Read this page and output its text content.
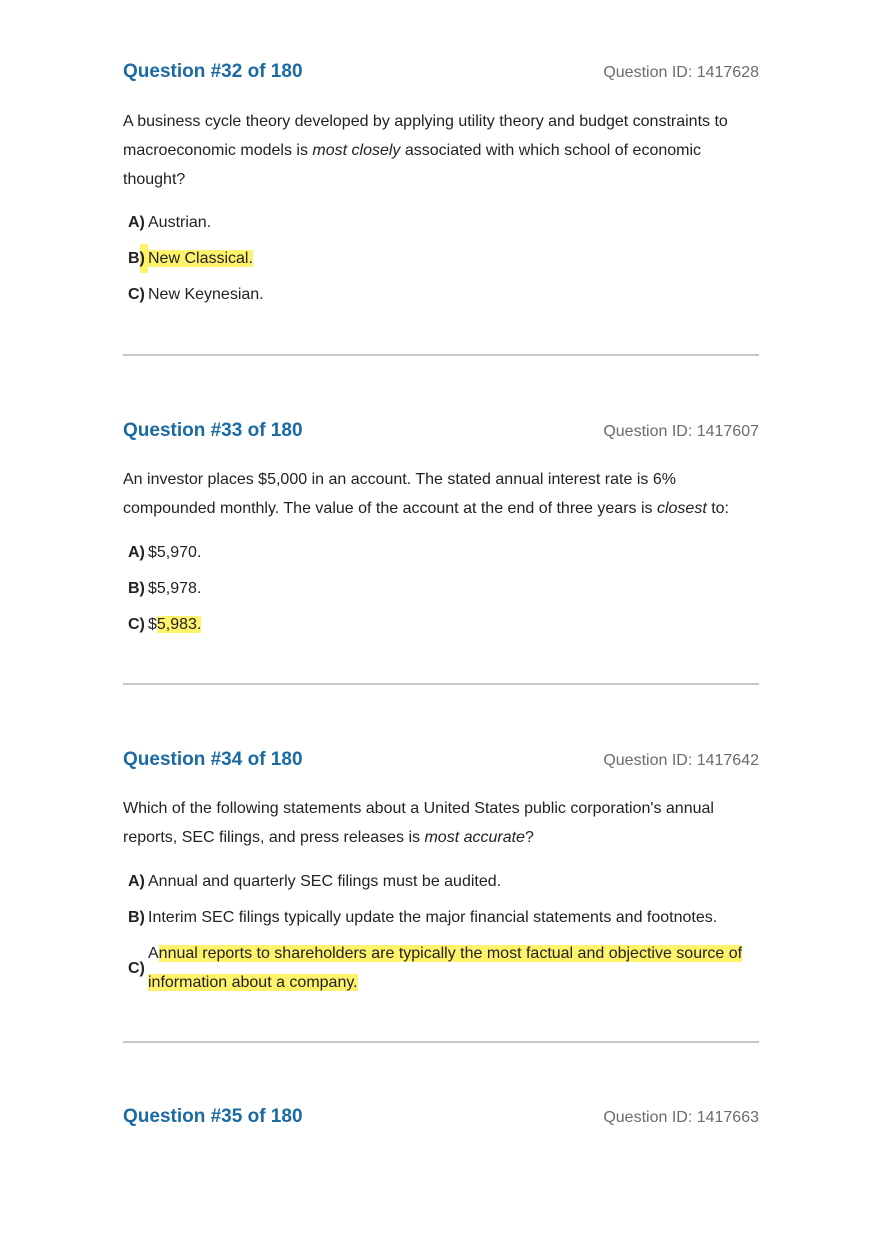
Question #32 of 180	Question ID: 1417628
A business cycle theory developed by applying utility theory and budget constraints to macroeconomic models is most closely associated with which school of economic thought?
A) Austrian.
B) New Classical.
C) New Keynesian.
Question #33 of 180	Question ID: 1417607
An investor places $5,000 in an account. The stated annual interest rate is 6% compounded monthly. The value of the account at the end of three years is closest to:
A) $5,970.
B) $5,978.
C) $5,983.
Question #34 of 180	Question ID: 1417642
Which of the following statements about a United States public corporation's annual reports, SEC filings, and press releases is most accurate?
A) Annual and quarterly SEC filings must be audited.
B) Interim SEC filings typically update the major financial statements and footnotes.
C)
Annual reports to shareholders are typically the most factual and objective source of information about a company.
Question #35 of 180	Question ID: 1417663
